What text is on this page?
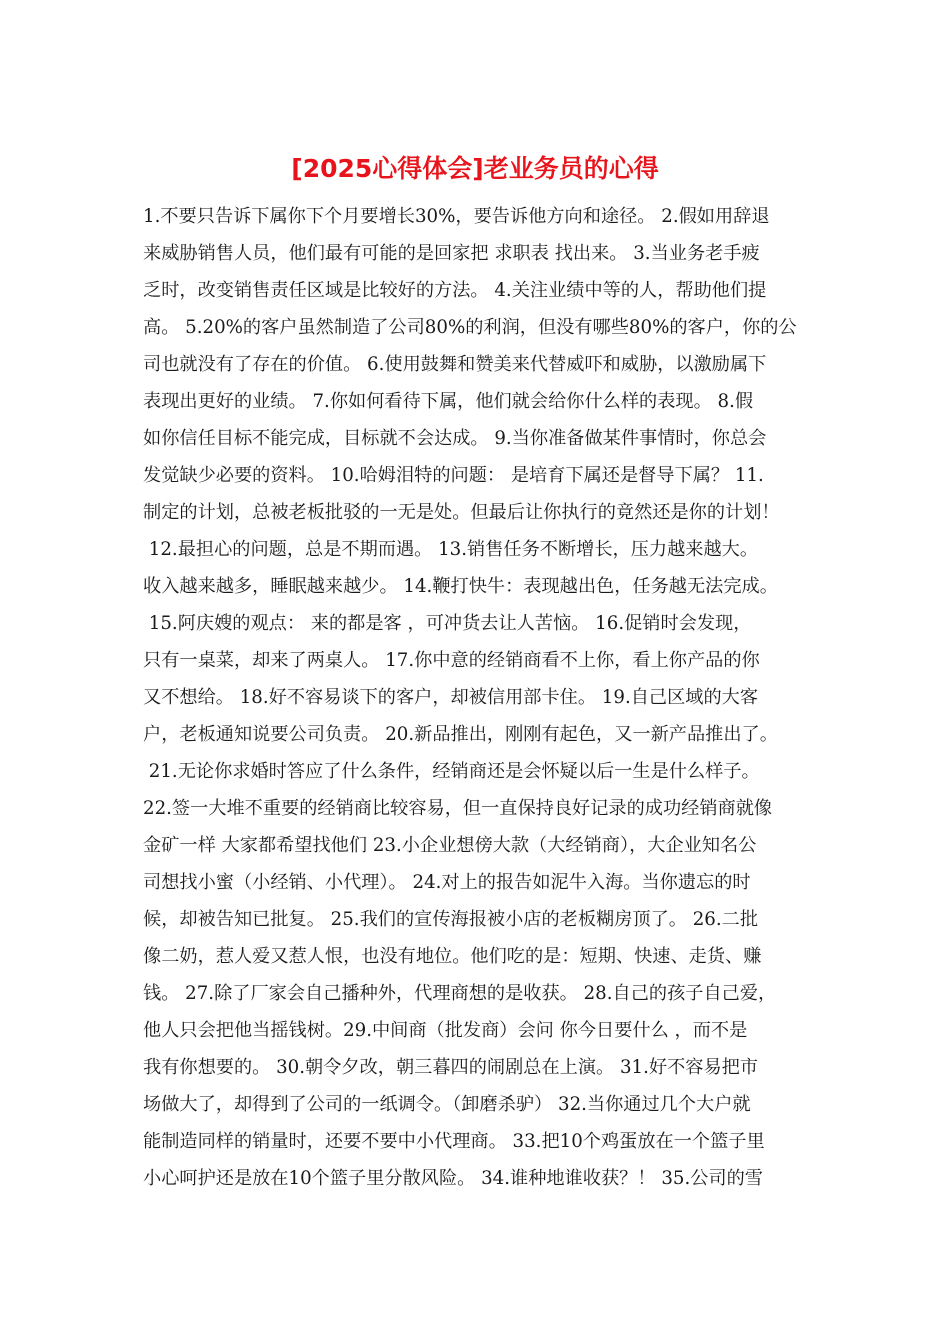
[2025心得体会]老业务员的心得
1.不要只告诉下属你下个月要增长30%，要告诉他方向和途径。 2.假如用辞退
来威胁销售人员，他们最有可能的是回家把 求职表 找出来。 3.当业务老手疲
乏时，改变销售责任区域是比较好的方法。 4.关注业绩中等的人，帮助他们提
高。 5.20%的客户虽然制造了公司80%的利润，但没有哪些80%的客户，你的公
司也就没有了存在的价值。 6.使用鼓舞和赞美来代替威吓和威胁，以激励属下
表现出更好的业绩。 7.你如何看待下属，他们就会给你什么样的表现。 8.假
如你信任目标不能完成，目标就不会达成。 9.当你准备做某件事情时，你总会
发觉缺少必要的资料。 10.哈姆泪特的问题： 是培育下属还是督导下属？ 11.
制定的计划，总被老板批驳的一无是处。但最后让你执行的竟然还是你的计划！
12.最担心的问题，总是不期而遇。 13.销售任务不断增长，压力越来越大。
收入越来越多，睡眠越来越少。 14.鞭打快牛：表现越出色，任务越无法完成。
15.阿庆嫂的观点： 来的都是客 ，可冲货去让人苦恼。 16.促销时会发现，
只有一桌菜，却来了两桌人。 17.你中意的经销商看不上你，看上你产品的你
又不想给。 18.好不容易谈下的客户，却被信用部卡住。 19.自己区域的大客
户，老板通知说要公司负责。 20.新品推出，刚刚有起色，又一新产品推出了。
21.无论你求婚时答应了什么条件，经销商还是会怀疑以后一生是什么样子。
22.签一大堆不重要的经销商比较容易，但一直保持良好记录的成功经销商就像
金矿一样 大家都希望找他们 23.小企业想傍大款（大经销商），大企业知名公
司想找小蜜（小经销、小代理）。 24.对上的报告如泥牛入海。当你遗忘的时
候，却被告知已批复。 25.我们的宣传海报被小店的老板糊房顶了。 26.二批
像二奶，惹人爱又惹人恨，也没有地位。他们吃的是：短期、快速、走货、赚
钱。 27.除了厂家会自己播种外，代理商想的是收获。 28.自己的孩子自己爱，
他人只会把他当摇钱树。29.中间商（批发商）会问 你今日要什么 ，而不是
我有你想要的。 30.朝令夕改，朝三暮四的闹剧总在上演。 31.好不容易把市
场做大了，却得到了公司的一纸调令。（卸磨杀驴） 32.当你通过几个大户就
能制造同样的销量时，还要不要中小代理商。 33.把10个鸡蛋放在一个篮子里
小心呵护还是放在10个篮子里分散风险。 34.谁种地谁收获？！ 35.公司的雪
